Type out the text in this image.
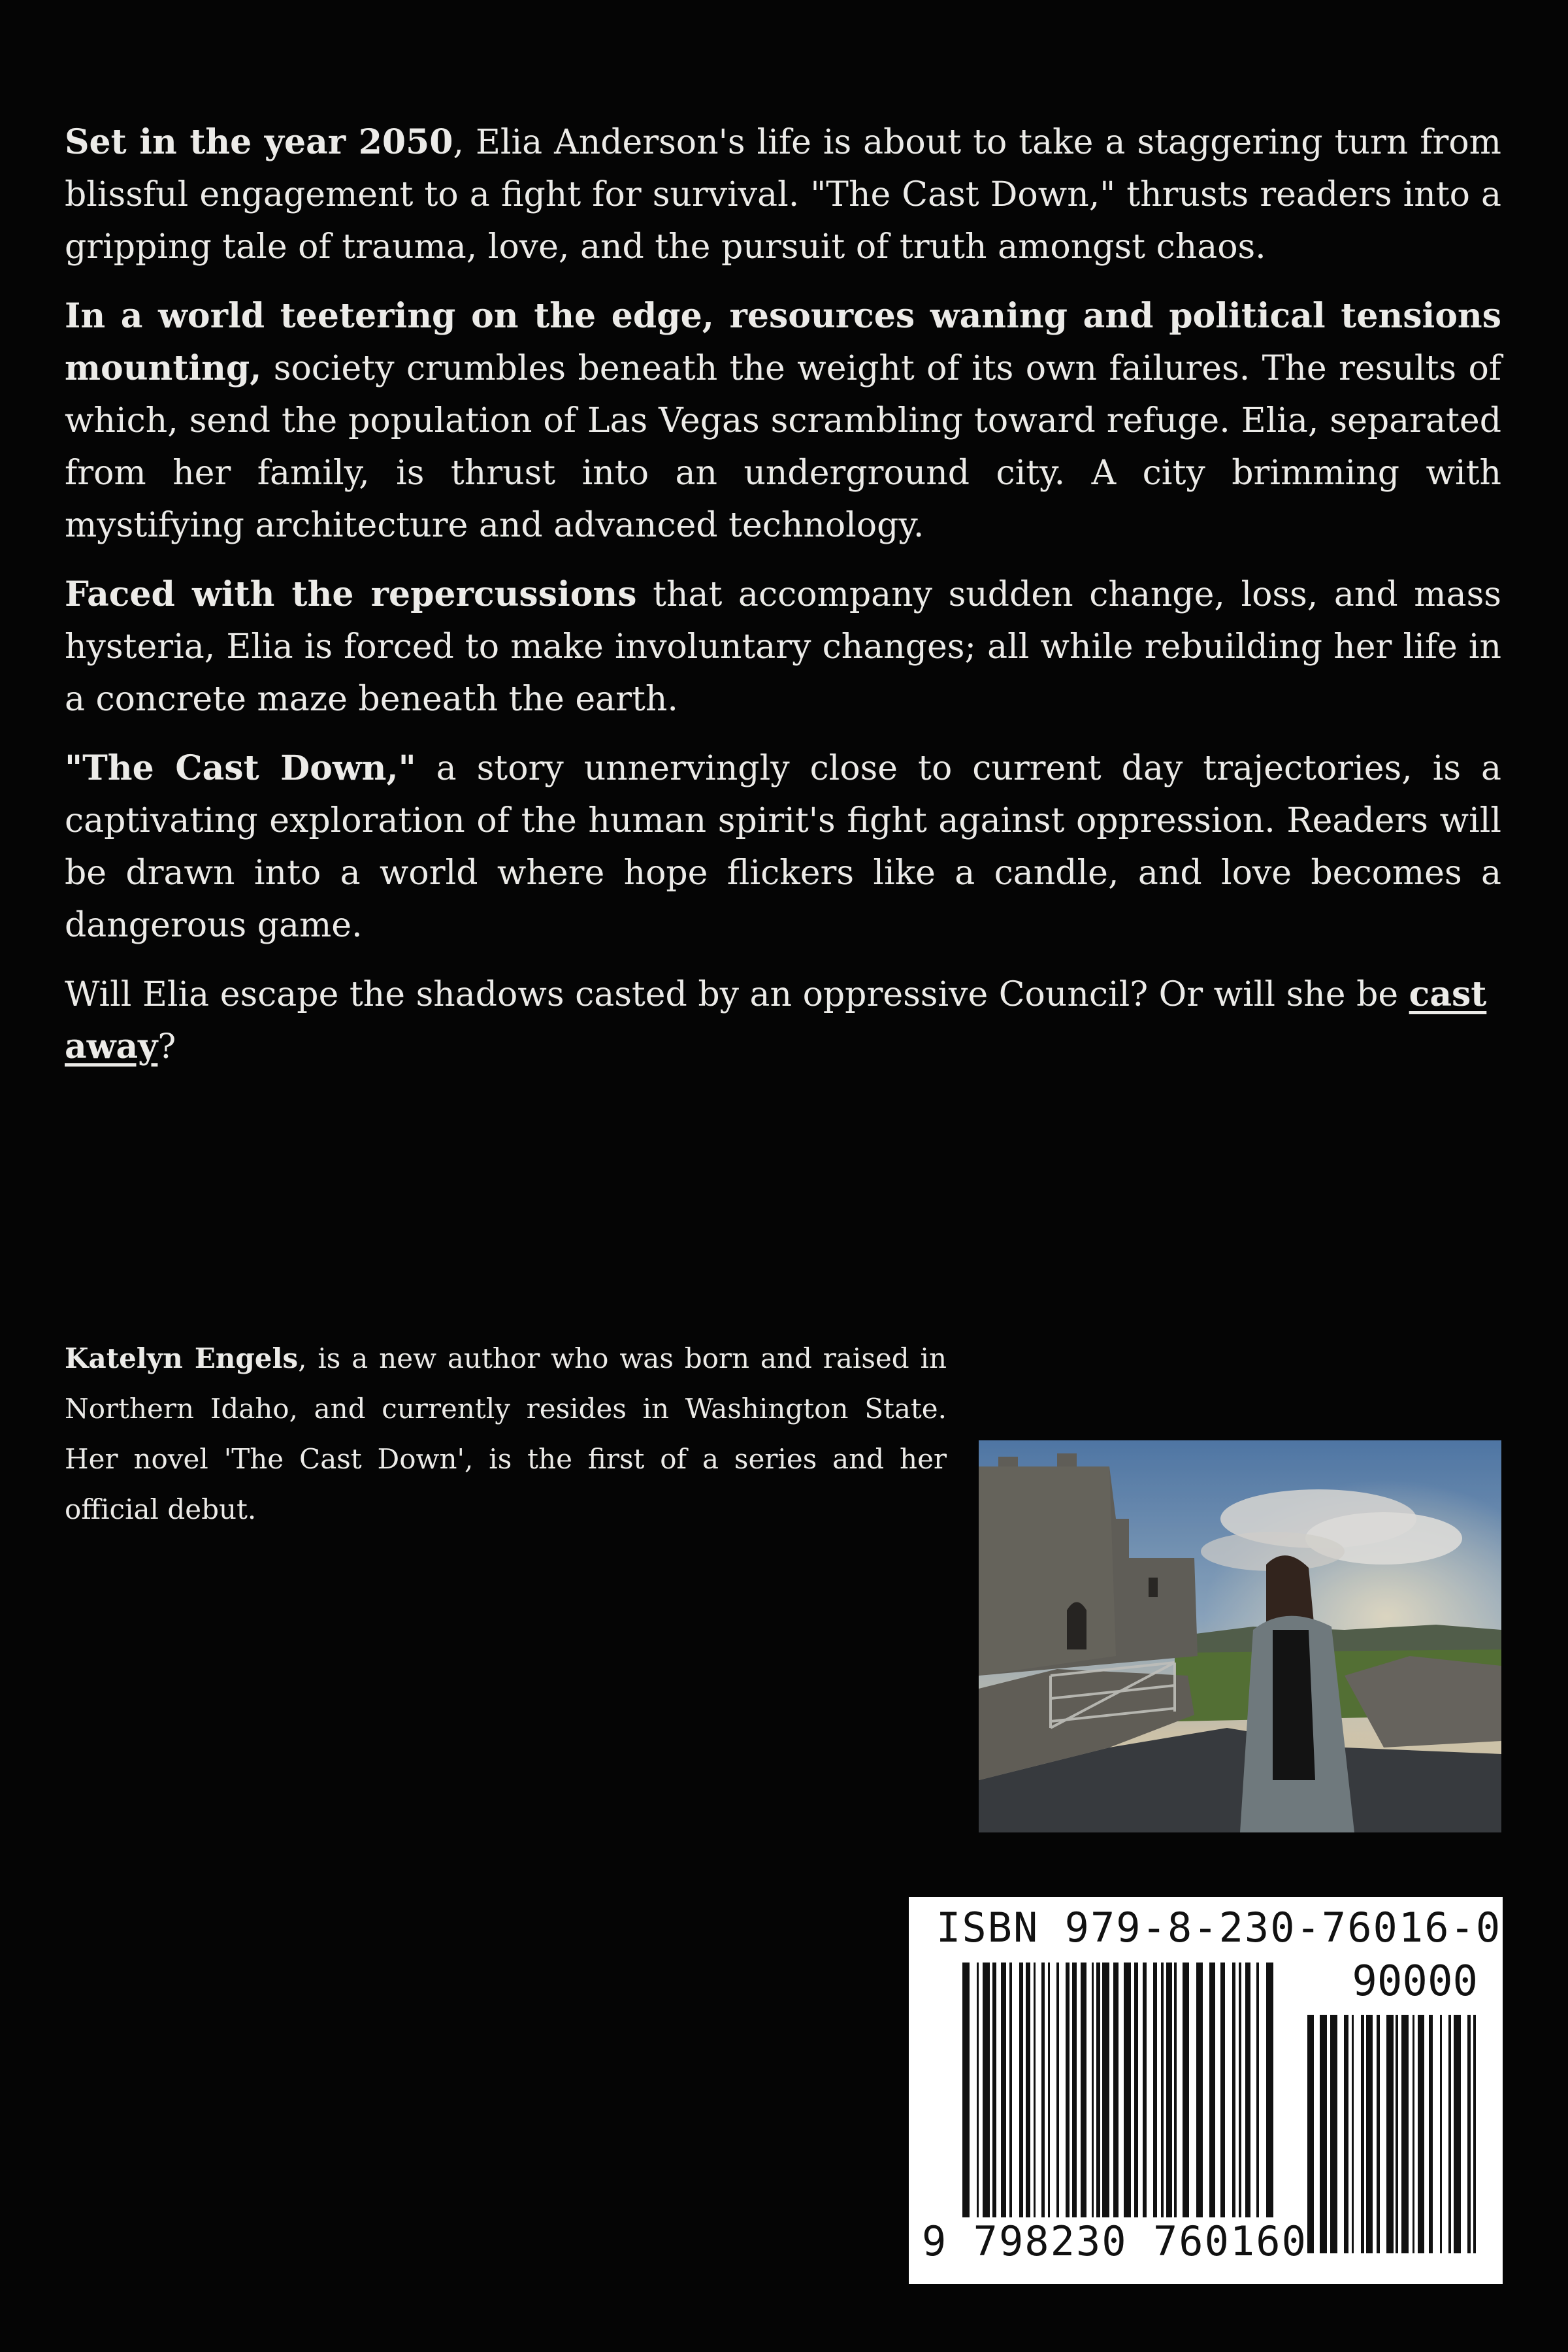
Set in the year 2050, Elia Anderson's life is about to take a staggering turn from blissful engagement to a fight for survival. "The Cast Down," thrusts readers into a gripping tale of trauma, love, and the pursuit of truth amongst chaos.

In a world teetering on the edge, resources waning and political tensions mounting, society crumbles beneath the weight of its own failures. The results of which, send the population of Las Vegas scrambling toward refuge. Elia, separated from her family, is thrust into an underground city. A city brimming with mystifying architecture and advanced technology.

Faced with the repercussions that accompany sudden change, loss, and mass hysteria, Elia is forced to make involuntary changes; all while rebuilding her life in a concrete maze beneath the earth.

"The Cast Down," a story unnervingly close to current day trajectories, is a captivating exploration of the human spirit's fight against oppression. Readers will be drawn into a world where hope flickers like a candle, and love becomes a dangerous game.

Will Elia escape the shadows casted by an oppressive Council? Or will she be cast away?

Katelyn Engels, is a new author who was born and raised in Northern Idaho, and currently resides in Washington State. Her novel 'The Cast Down', is the first of a series and her official debut.

ISBN 979-8-230-76016-0
90000
9 798230 760160
